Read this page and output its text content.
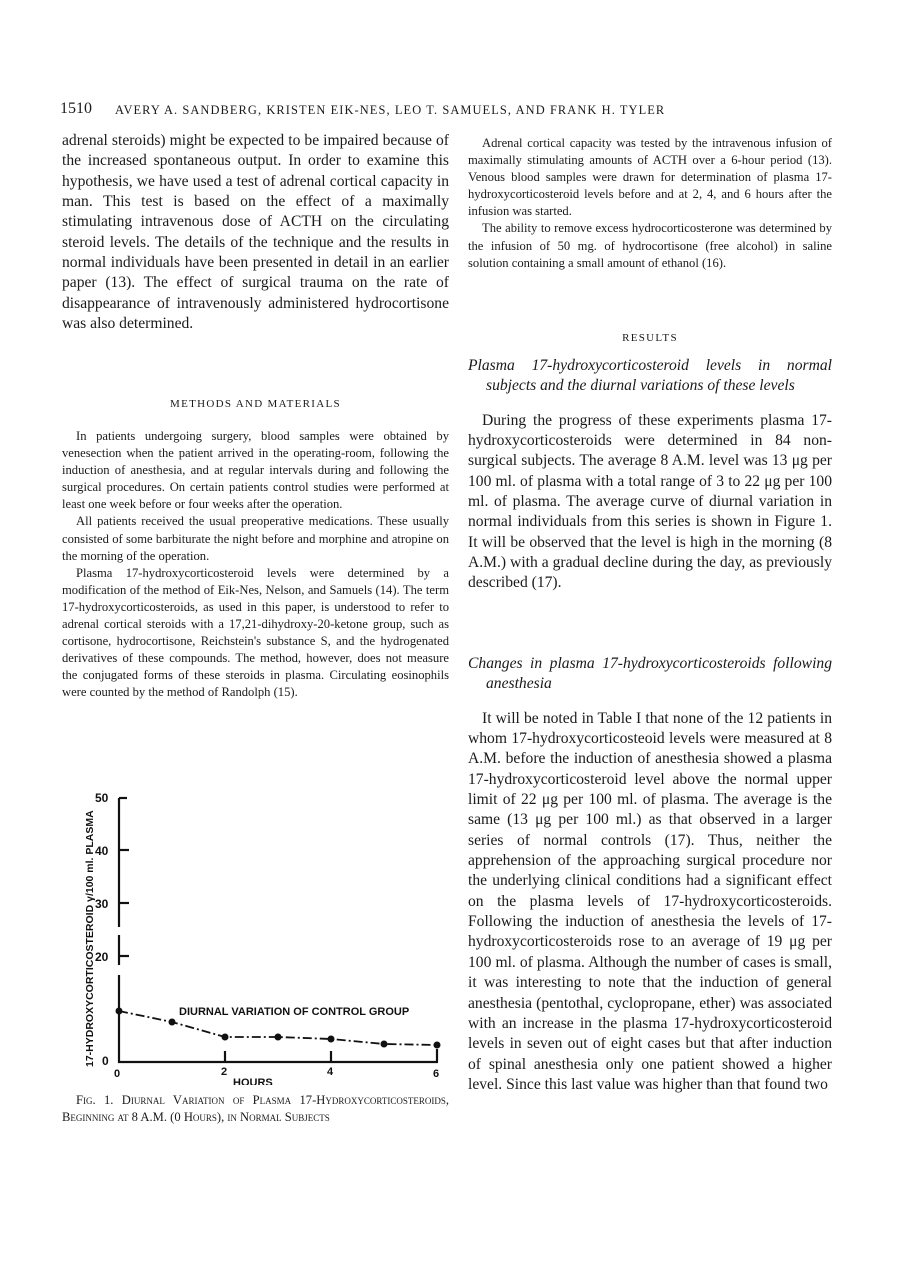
1510 AVERY A. SANDBERG, KRISTEN EIK-NES, LEO T. SAMUELS, AND FRANK H. TYLER

adrenal steroids) might be expected to be impaired because of the increased spontaneous output. In order to examine this hypothesis, we have used a test of adrenal cortical capacity in man. This test is based on the effect of a maximally stimulating intravenous dose of ACTH on the circulating steroid levels. The details of the technique and the results in normal individuals have been presented in detail in an earlier paper (13). The effect of surgical trauma on the rate of disappearance of intravenously administered hydrocortisone was also determined.

METHODS AND MATERIALS

In patients undergoing surgery, blood samples were obtained by venesection when the patient arrived in the operating-room, following the induction of anesthesia, and at regular intervals during and following the surgical procedures. On certain patients control studies were performed at least one week before or four weeks after the operation.

All patients received the usual preoperative medications. These usually consisted of some barbiturate the night before and morphine and atropine on the morning of the operation.

Plasma 17-hydroxycorticosteroid levels were determined by a modification of the method of Eik-Nes, Nelson, and Samuels (14). The term 17-hydroxycorticosteroids, as used in this paper, is understood to refer to adrenal cortical steroids with a 17,21-dihydroxy-20-ketone group, such as cortisone, hydrocortisone, Reichstein's substance S, and the hydrogenated derivatives of these compounds. The method, however, does not measure the conjugated forms of these steroids in plasma. Circulating eosinophils were counted by the method of Randolph (15).

50
40
30
20
0
0	2	4	6
HOURS
17-HYDROXYCORTICOSTEROID γ/100 ml. PLASMA	DIURNAL VARIATION OF CONTROL GROUP

Fig. 1. Diurnal Variation of Plasma 17-Hydroxycorticosteroids, Beginning at 8 A.M. (0 Hours), in Normal Subjects

Adrenal cortical capacity was tested by the intravenous infusion of maximally stimulating amounts of ACTH over a 6-hour period (13). Venous blood samples were drawn for determination of plasma 17-hydroxycorticosteroid levels before and at 2, 4, and 6 hours after the infusion was started.

The ability to remove excess hydrocorticosterone was determined by the infusion of 50 mg. of hydrocortisone (free alcohol) in saline solution containing a small amount of ethanol (16).

RESULTS

Plasma 17-hydroxycorticosteroid levels in normal subjects and the diurnal variations of these levels

During the progress of these experiments plasma 17-hydroxycorticosteroids were determined in 84 non-surgical subjects. The average 8 A.M. level was 13 μg per 100 ml. of plasma with a total range of 3 to 22 μg per 100 ml. of plasma. The average curve of diurnal variation in normal individuals from this series is shown in Figure 1. It will be observed that the level is high in the morning (8 A.M.) with a gradual decline during the day, as previously described (17).

Changes in plasma 17-hydroxycorticosteroids following anesthesia

It will be noted in Table I that none of the 12 patients in whom 17-hydroxycorticosteoid levels were measured at 8 A.M. before the induction of anesthesia showed a plasma 17-hydroxycorticosteroid level above the normal upper limit of 22 μg per 100 ml. of plasma. The average is the same (13 μg per 100 ml.) as that observed in a larger series of normal controls (17). Thus, neither the apprehension of the approaching surgical procedure nor the underlying clinical conditions had a significant effect on the plasma levels of 17-hydroxycorticosteroids. Following the induction of anesthesia the levels of 17-hydroxycorticosteroids rose to an average of 19 μg per 100 ml. of plasma. Although the number of cases is small, it was interesting to note that the induction of general anesthesia (pentothal, cyclopropane, ether) was associated with an increase in the plasma 17-hydroxycorticosteroid levels in seven out of eight cases but that after induction of spinal anesthesia only one patient showed a higher level. Since this last value was higher than that found two
